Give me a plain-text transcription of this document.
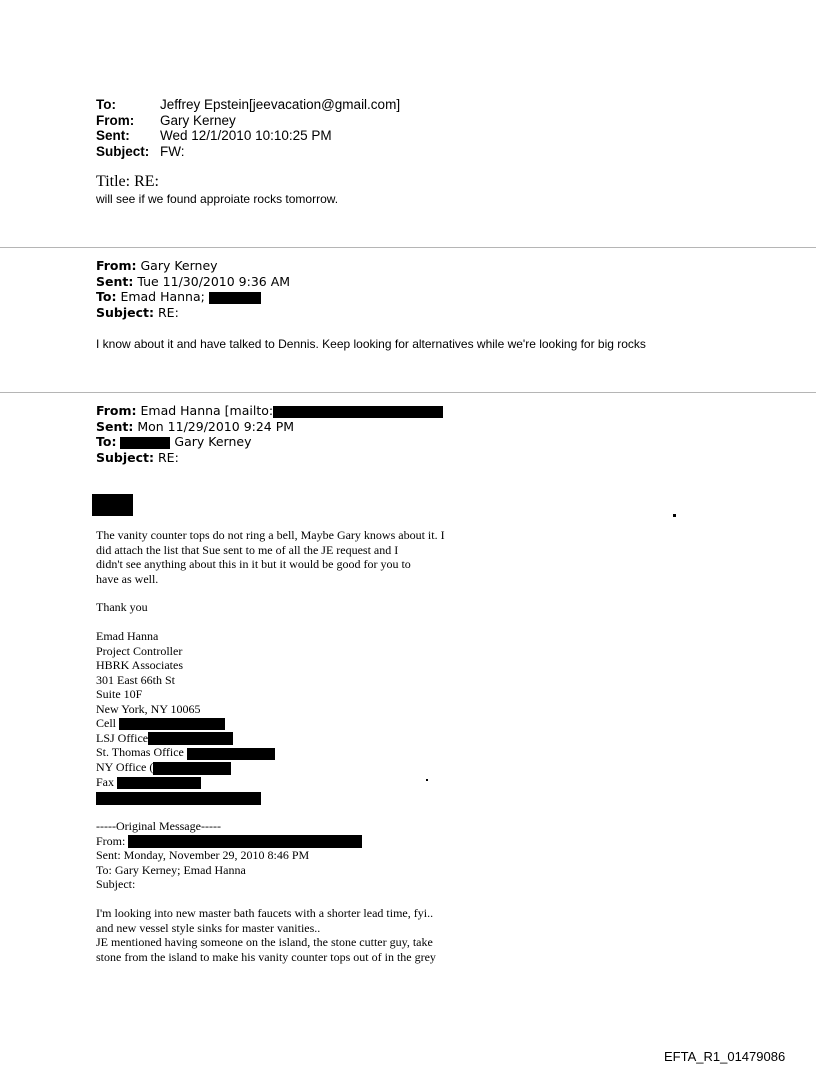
To:	Jeffrey Epstein[jeevacation@gmail.com]
From: Gary Kerney
Sent: Wed 12/1/2010 10:10:25 PM
Subject: FW:
Title: RE:
will see if we found approiate rocks tomorrow.
From: Gary Kerney
Sent: Tue 11/30/2010 9:36 AM
To: Emad Hanna;
Subject: RE:
I know about it and have talked to Dennis. Keep looking for alternatives while we're looking for big rocks
From: Emad Hanna [mailto:
Sent: Mon 11/29/2010 9:24 PM
To:	Gary Kerney
Subject: RE:
The vanity counter tops do not ring a bell, Maybe Gary knows about it. I
did attach the list that Sue sent to me of all the JE request and I
didn't see anything about this in it but it would be good for you to
have as well.
Thank you
Emad Hanna
Project Controller
HBRK Associates
301 East 66th St
Suite 10F
New York, NY 10065
Cell
LSJ Office
St. Thomas Office
NY Office (
Fax
-----Original Message-----
From:
Sent: Monday, November 29, 2010 8:46 PM
To: Gary Kerney; Emad Hanna
Subject:
I'm looking into new master bath faucets with a shorter lead time, fyi..
and new vessel style sinks for master vanities..
JE mentioned having someone on the island, the stone cutter guy, take
stone from the island to make his vanity counter tops out of in the grey
EFTA_R1_01479086
